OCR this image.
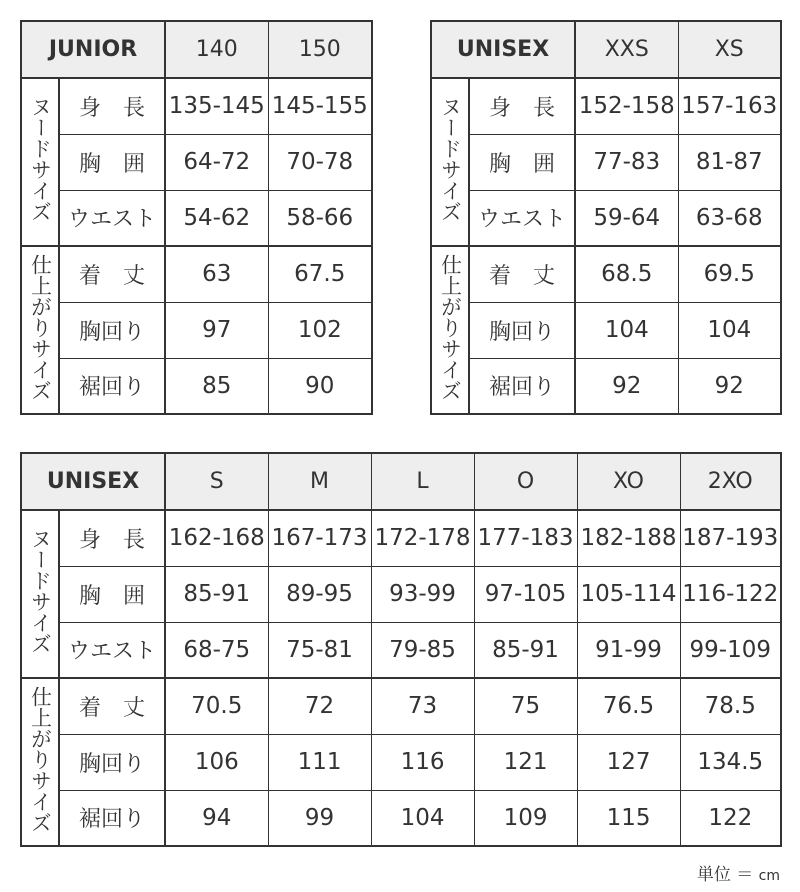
JUNIOR		140	150
ヌードサイズ	身　長	135-145	145-155
	胸　囲	64-72	70-78
	ウエスト	54-62	58-66
仕上がりサイズ	着　丈	63	67.5
	胸回り	97	102
	裾回り	85	90
UNISEX		XXS	XS
ヌードサイズ	身　長	152-158	157-163
	胸　囲	77-83	81-87
	ウエスト	59-64	63-68
仕上がりサイズ	着　丈	68.5	69.5
	胸回り	104	104
	裾回り	92	92
UNISEX		S	M	L	O	XO	2XO
ヌードサイズ	身　長	162-168	167-173	172-178	177-183	182-188	187-193
	胸　囲	85-91	89-95	93-99	97-105	105-114	116-122
	ウエスト	68-75	75-81	79-85	85-91	91-99	99-109
仕上がりサイズ	着　丈	70.5	72	73	75	76.5	78.5
	胸回り	106	111	116	121	127	134.5
	裾回り	94	99	104	109	115	122
単位 ＝ cm
